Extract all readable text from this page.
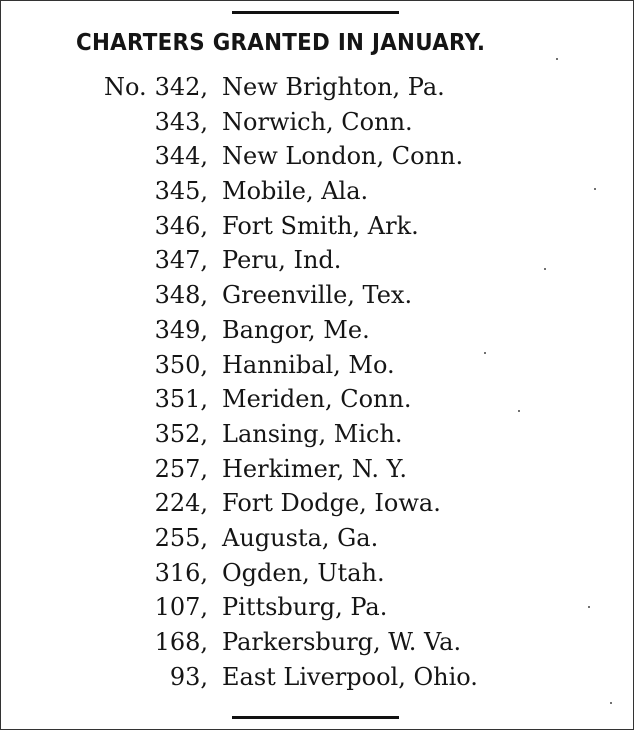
CHARTERS GRANTED IN JANUARY.
No. 342, New Brighton, Pa.
343, Norwich, Conn.
344, New London, Conn.
345, Mobile, Ala.
346, Fort Smith, Ark.
347, Peru, Ind.
348, Greenville, Tex.
349, Bangor, Me.
350, Hannibal, Mo.
351, Meriden, Conn.
352, Lansing, Mich.
257, Herkimer, N. Y.
224, Fort Dodge, Iowa.
255, Augusta, Ga.
316, Ogden, Utah.
107, Pittsburg, Pa.
168, Parkersburg, W. Va.
93, East Liverpool, Ohio.
